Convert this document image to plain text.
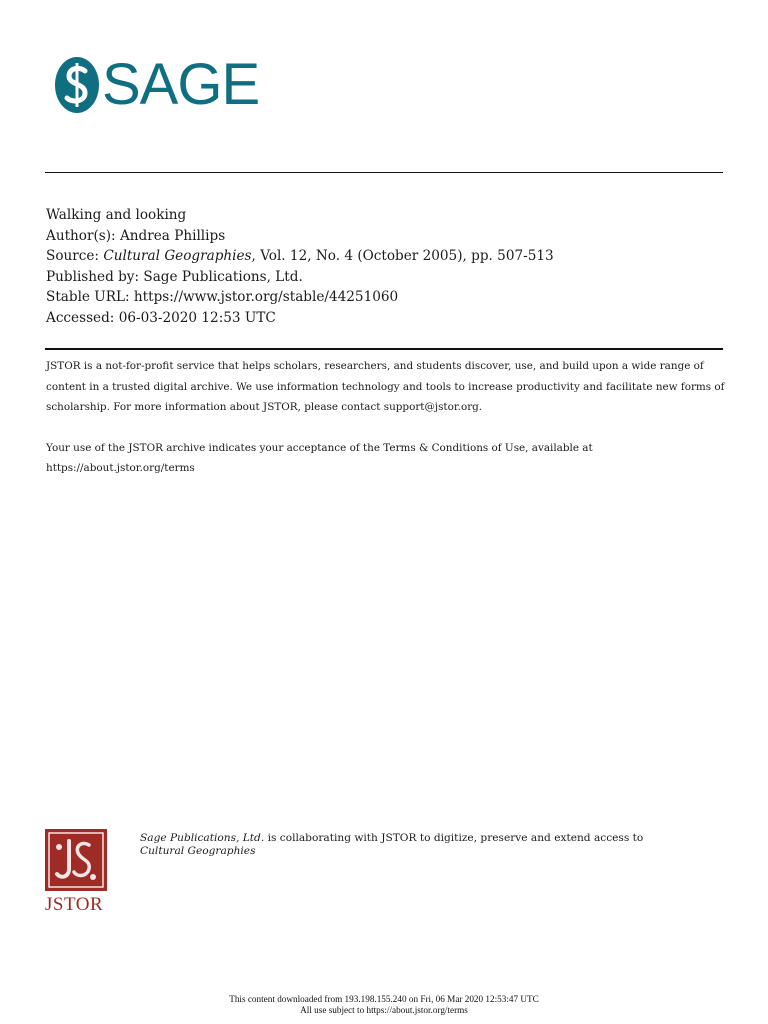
SAGE
Walking and looking
Author(s): Andrea Phillips
Source: Cultural Geographies, Vol. 12, No. 4 (October 2005), pp. 507-513
Published by: Sage Publications, Ltd.
Stable URL: https://www.jstor.org/stable/44251060
Accessed: 06-03-2020 12:53 UTC

JSTOR is a not-for-profit service that helps scholars, researchers, and students discover, use, and build upon a wide range of content in a trusted digital archive. We use information technology and tools to increase productivity and facilitate new forms of scholarship. For more information about JSTOR, please contact support@jstor.org.

Your use of the JSTOR archive indicates your acceptance of the Terms & Conditions of Use, available at https://about.jstor.org/terms

JSTOR
Sage Publications, Ltd. is collaborating with JSTOR to digitize, preserve and extend access to
Cultural Geographies
This content downloaded from 193.198.155.240 on Fri, 06 Mar 2020 12:53:47 UTC
All use subject to https://about.jstor.org/terms
